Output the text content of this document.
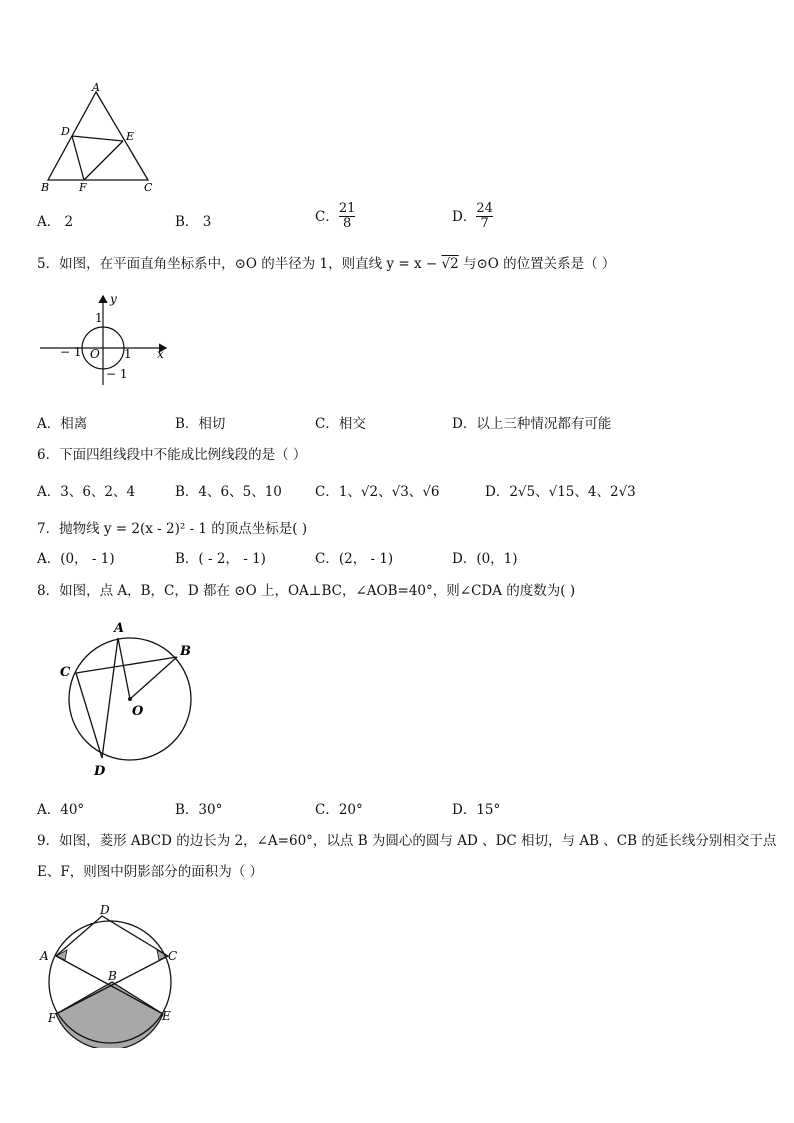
A
D	E
B	F	C
A． 2	B． 3	C． $\frac{21}{8}$	D． $\frac{24}{7}$
5．如图，在平面直角坐标系中，⊙O 的半径为 1，则直线 y = x − √2 与⊙O 的位置关系是（ ）
y
x
1
− 1 O 1
− 1
A．相离	B．相切	C．相交	D．以上三种情况都有可能
6．下面四组线段中不能成比例线段的是（ ）
A．3、6、2、4	B．4、6、5、10 C．1、√2、√3、√6	D．2√5、√15、4、2√3
7．抛物线 y = 2(x - 2)² - 1 的顶点坐标是( )
A．(0， - 1)	B．( - 2， - 1)	C．(2， - 1)	D．(0，1)
8．如图，点 A，B，C，D 都在 ⊙O 上，OA⊥BC，∠AOB=40°，则∠CDA 的度数为( )
A
B
C
O
D
A．40°	B．30°	C．20°	D．15°
9．如图，菱形 ABCD 的边长为 2，∠A=60°，以点 B 为圆心的圆与 AD 、DC 相切，与 AB 、CB 的延长线分别相交于点
E、F，则图中阴影部分的面积为（ ）
A
D
C
B
F	E
